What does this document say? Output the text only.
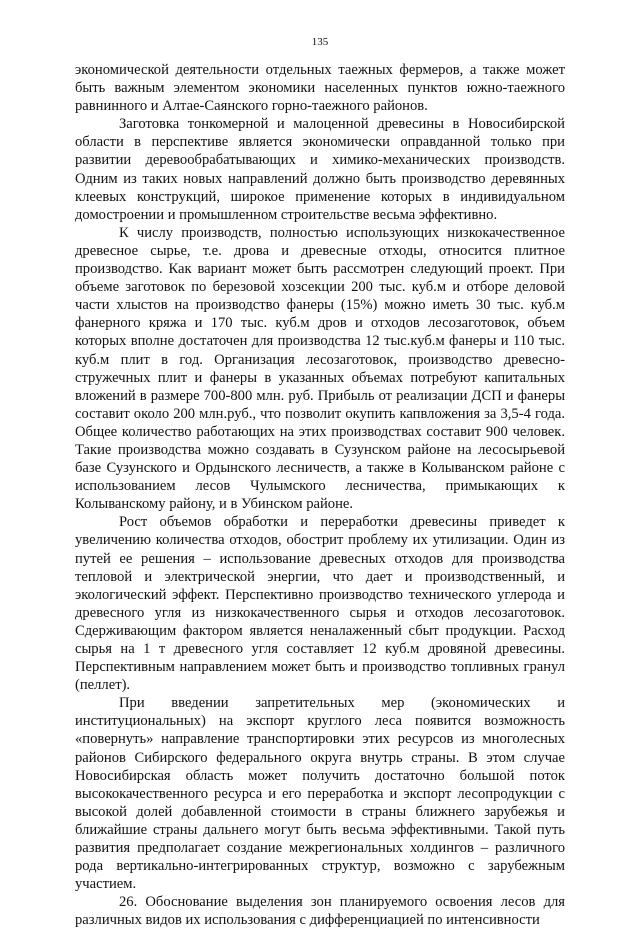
135

экономической деятельности отдельных таежных фермеров, а также может быть важным элементом экономики населенных пунктов южно-таежного равнинного и Алтае-Саянского горно-таежного районов.

Заготовка тонкомерной и малоценной древесины в Новосибирской области в перспективе является экономически оправданной только при развитии деревообрабатывающих и химико-механических производств. Одним из таких новых направлений должно быть производство деревянных клеевых конструкций, широкое применение которых в индивидуальном домостроении и промышленном строительстве весьма эффективно.

К числу производств, полностью использующих низкокачественное древесное сырье, т.е. дрова и древесные отходы, относится плитное производство. Как вариант может быть рассмотрен следующий проект. При объеме заготовок по березовой хозсекции 200 тыс. куб.м и отборе деловой части хлыстов на производство фанеры (15%) можно иметь 30 тыс. куб.м фанерного кряжа и 170 тыс. куб.м дров и отходов лесозаготовок, объем которых вполне достаточен для производства 12 тыс.куб.м фанеры и 110 тыс. куб.м плит в год. Организация лесозаготовок, производство древесно-стружечных плит и фанеры в указанных объемах потребуют капитальных вложений в размере 700-800 млн. руб. Прибыль от реализации ДСП и фанеры составит около 200 млн.руб., что позволит окупить капвложения за 3,5-4 года. Общее количество работающих на этих производствах составит 900 человек. Такие производства можно создавать в Сузунском районе на лесосырьевой базе Сузунского и Ордынского лесничеств, а также в Колыванском районе с использованием лесов Чулымского лесничества, примыкающих к Колыванскому району, и в Убинском районе.

Рост объемов обработки и переработки древесины приведет к увеличению количества отходов, обострит проблему их утилизации. Один из путей ее решения – использование древесных отходов для производства тепловой и электрической энергии, что дает и производственный, и экологический эффект. Перспективно производство технического углерода и древесного угля из низкокачественного сырья и отходов лесозаготовок. Сдерживающим фактором является неналаженный сбыт продукции. Расход сырья на 1 т древесного угля составляет 12 куб.м дровяной древесины. Перспективным направлением может быть и производство топливных гранул (пеллет).

При введении запретительных мер (экономических и институциональных) на экспорт круглого леса появится возможность «повернуть» направление транспортировки этих ресурсов из многолесных районов Сибирского федерального округа внутрь страны. В этом случае Новосибирская область может получить достаточно большой поток высококачественного ресурса и его переработка и экспорт лесопродукции с высокой долей добавленной стоимости в страны ближнего зарубежья и ближайшие страны дальнего могут быть весьма эффективными. Такой путь развития предполагает создание межрегиональных холдингов – различного рода вертикально-интегрированных структур, возможно с зарубежным участием.

26. Обоснование выделения зон планируемого освоения лесов для различных видов их использования с дифференциацией по интенсивности
